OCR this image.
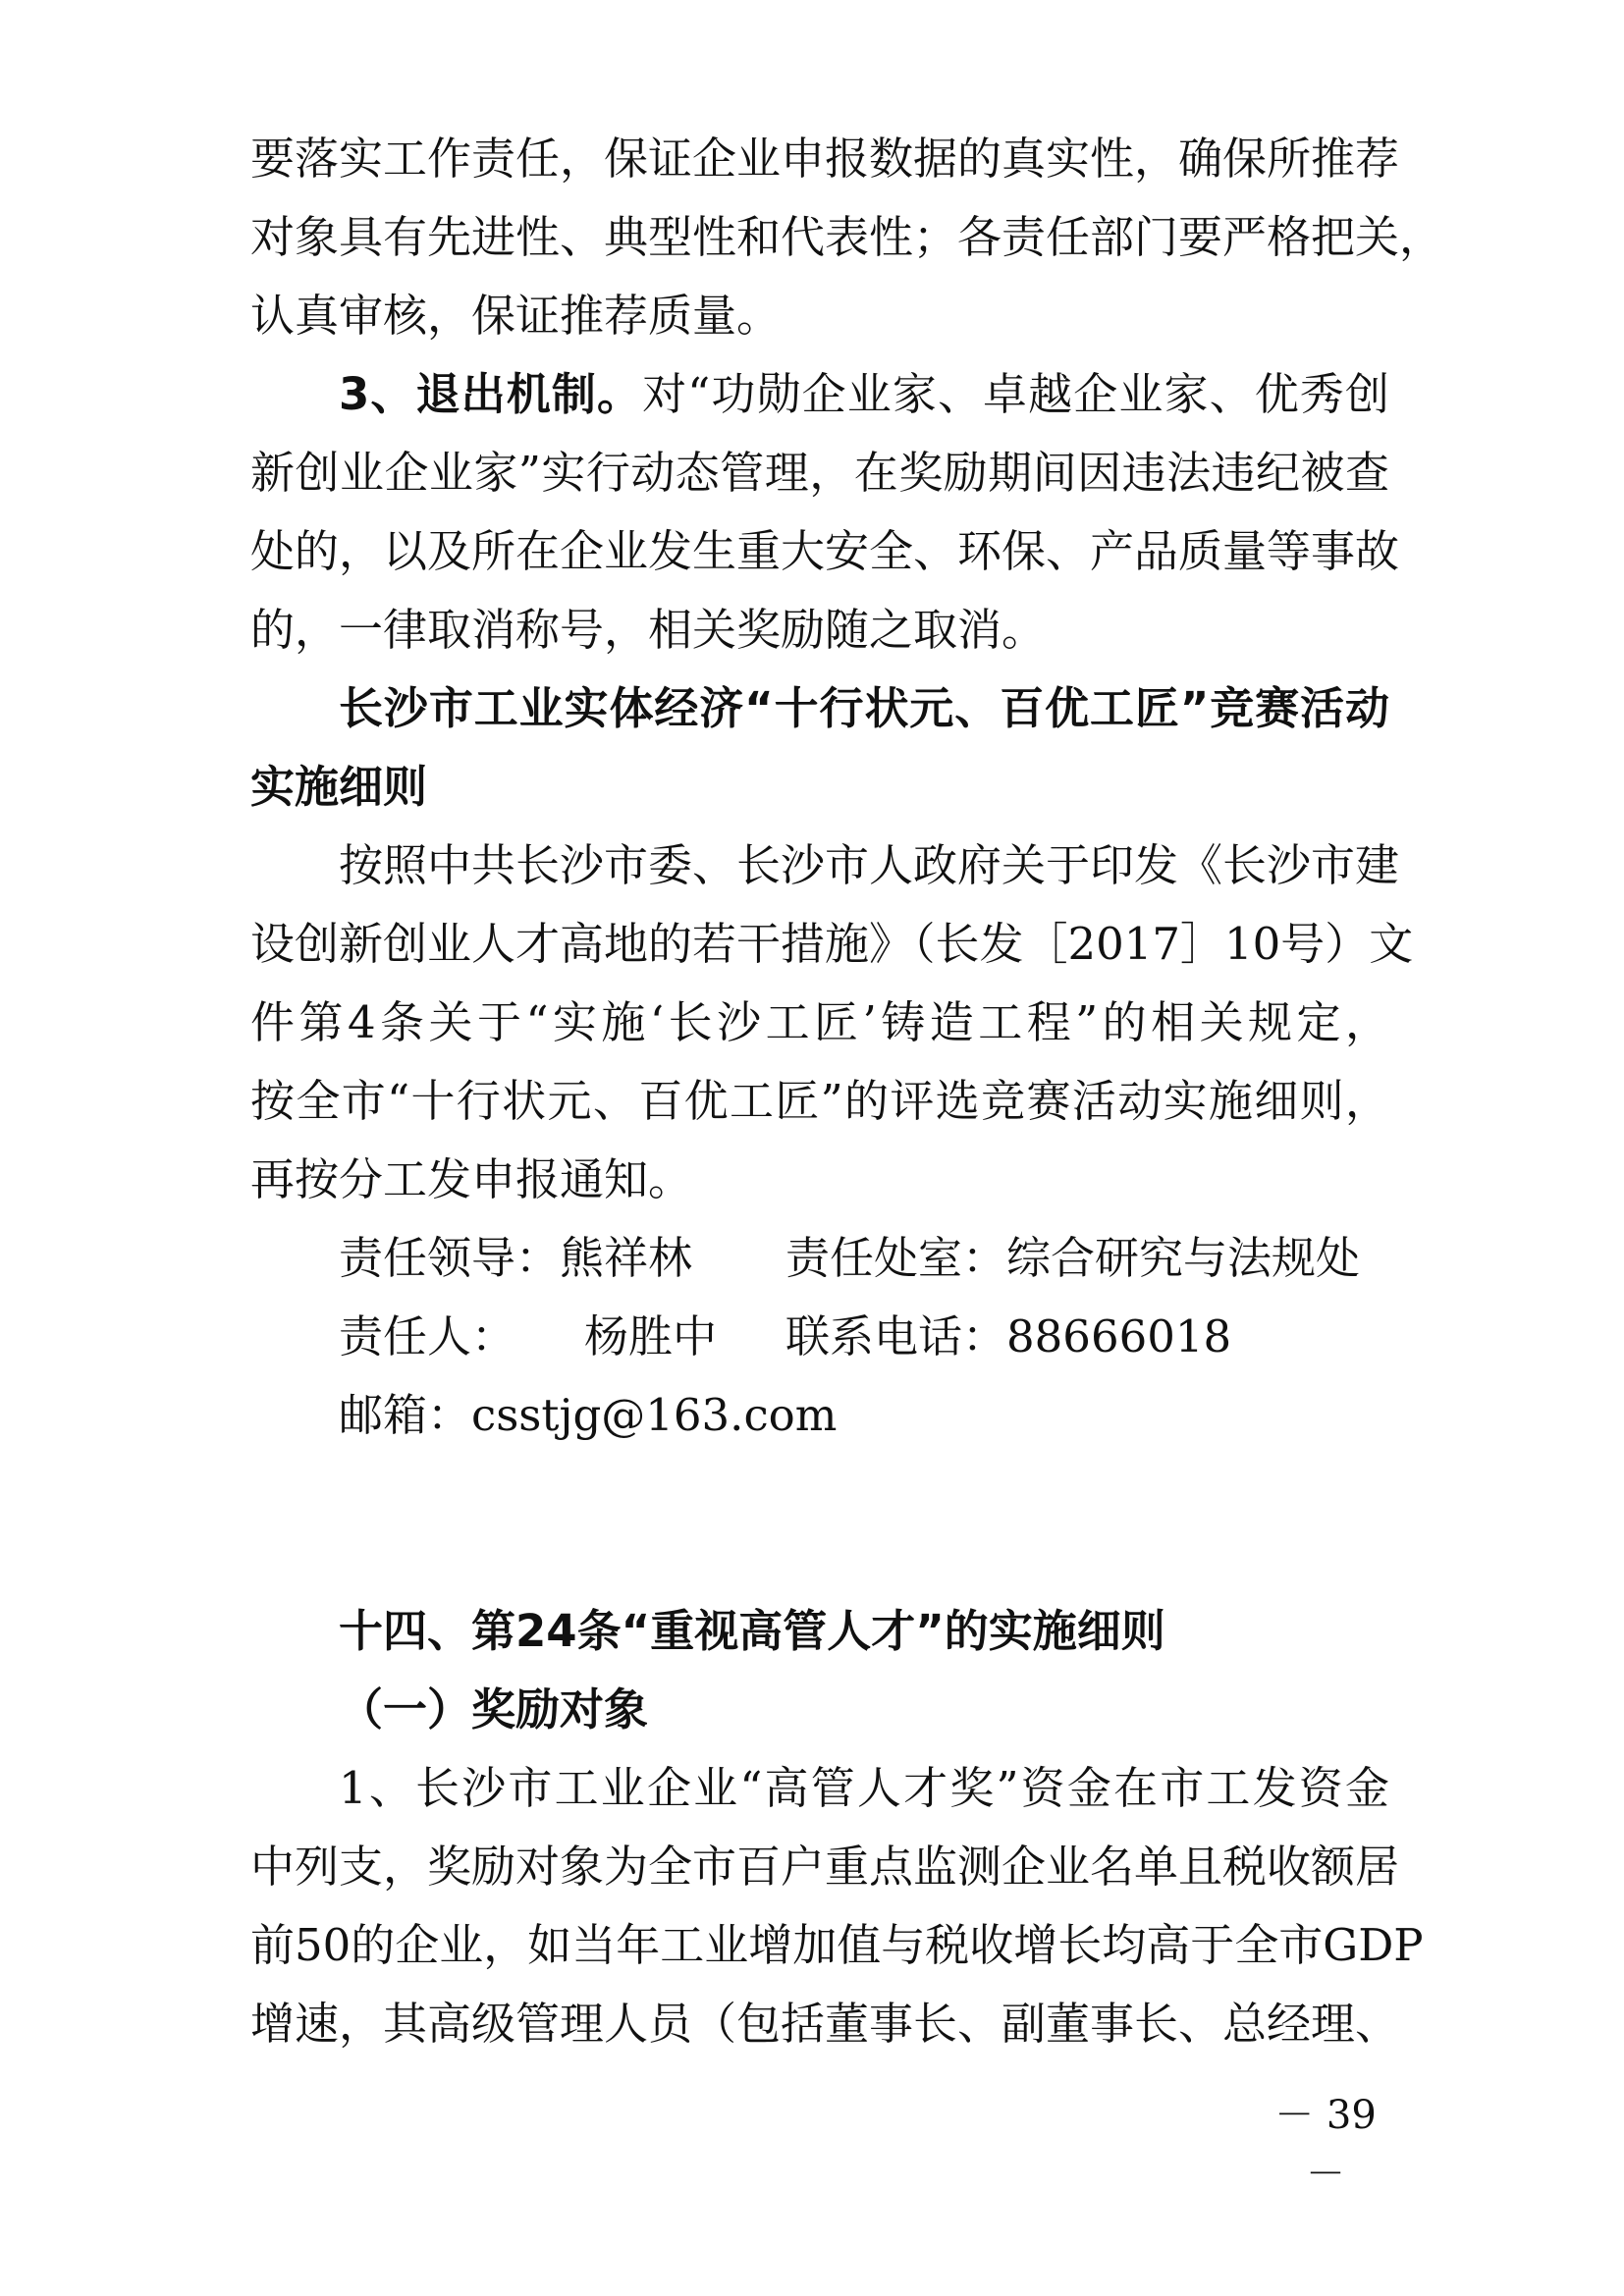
要落实工作责任，保证企业申报数据的真实性，确保所推荐
对象具有先进性、典型性和代表性；各责任部门要严格把关，
认真审核，保证推荐质量。
3、退出机制。对“功勋企业家、卓越企业家、优秀创
新创业企业家”实行动态管理，在奖励期间因违法违纪被查
处的，以及所在企业发生重大安全、环保、产品质量等事故
的，一律取消称号，相关奖励随之取消。
长沙市工业实体经济“十行状元、百优工匠”竞赛活动
实施细则
按照中共长沙市委、长沙市人政府关于印发《长沙市建
设创新创业人才高地的若干措施》（长发［2017］10号）文
件第4条关于“实施‘长沙工匠’铸造工程”的相关规定，
按全市“十行状元、百优工匠”的评选竞赛活动实施细则，
再按分工发申报通知。
责任领导：熊祥林 责任处室：综合研究与法规处
责任人： 杨胜中 联系电话：88666018
邮箱：csstjg@163.com
十四、第24条“重视高管人才”的实施细则
（一）奖励对象
1、长沙市工业企业“高管人才奖”资金在市工发资金
中列支，奖励对象为全市百户重点监测企业名单且税收额居
前50的企业，如当年工业增加值与税收增长均高于全市GDP
增速，其高级管理人员（包括董事长、副董事长、总经理、
－ 39 －
